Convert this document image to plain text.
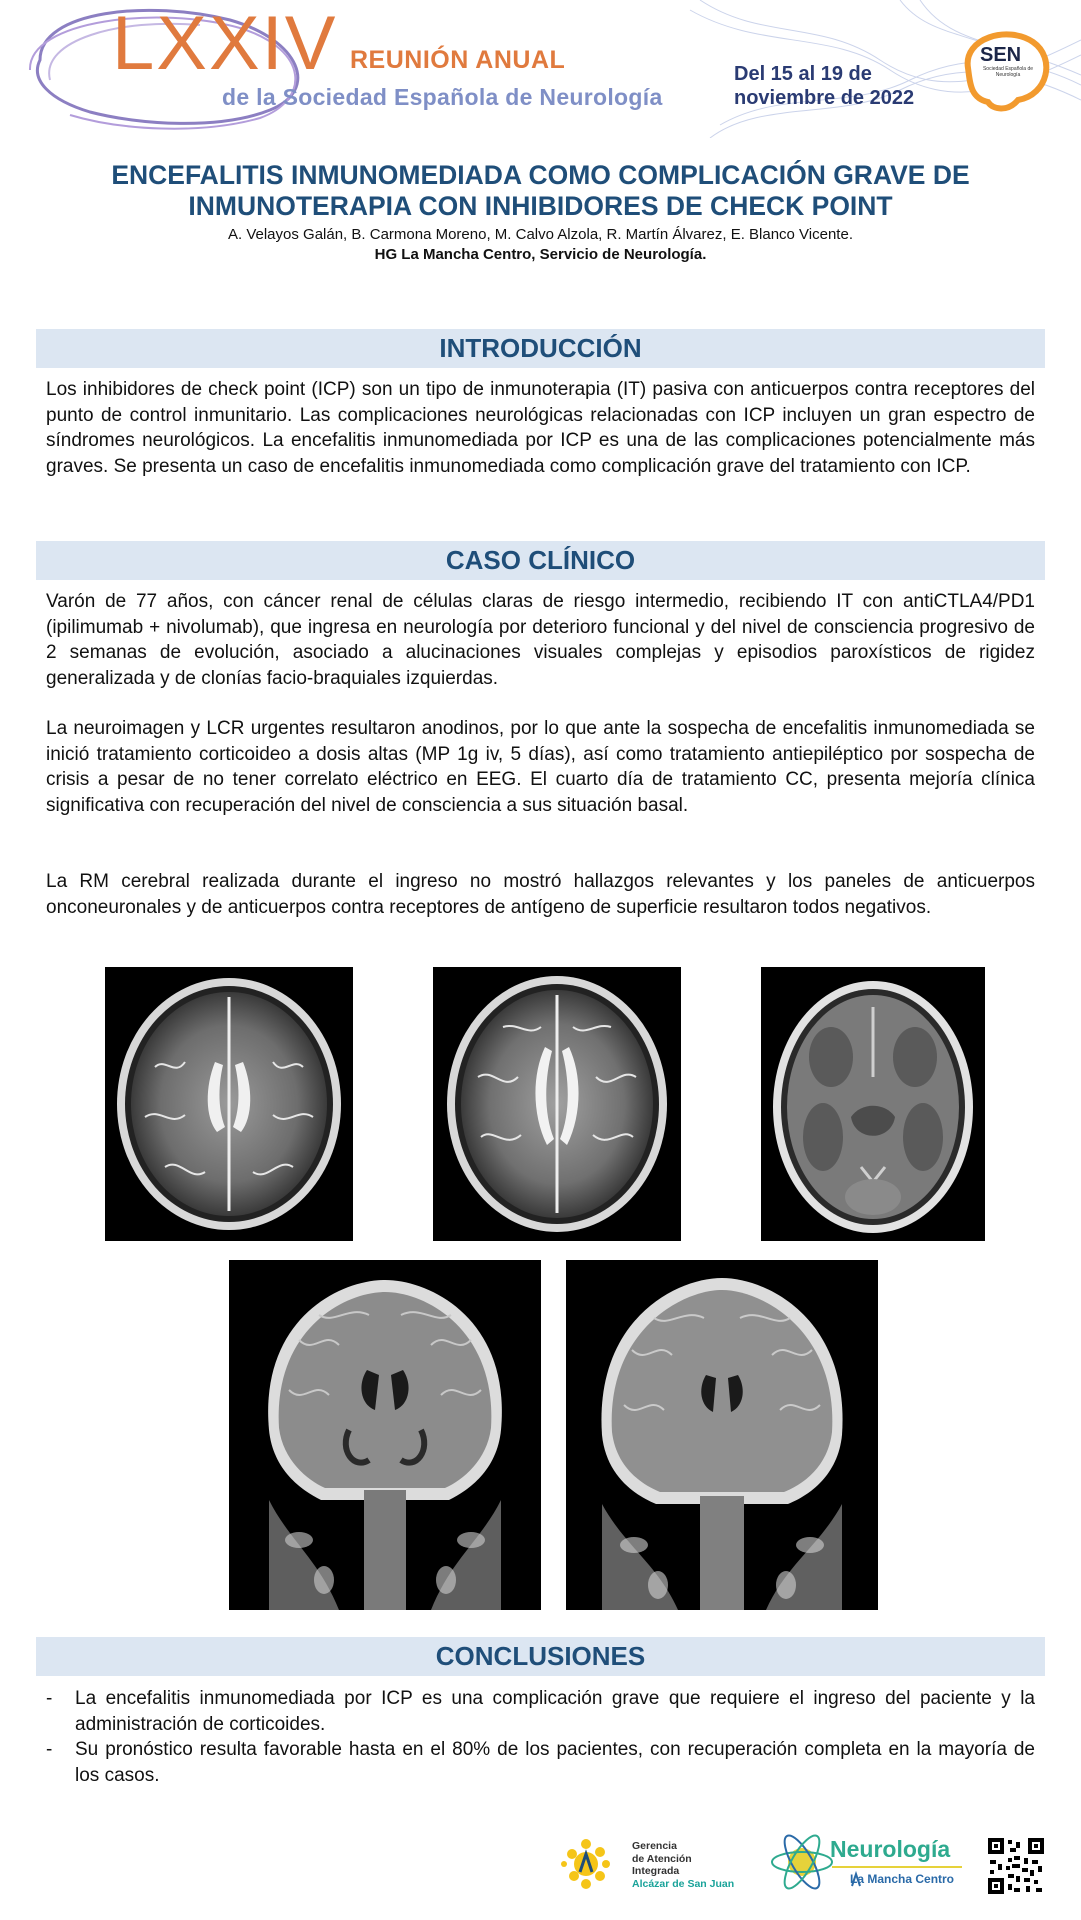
LXXIV REUNIÓN ANUAL
de la Sociedad Española de Neurología
Del 15 al 19 de noviembre de 2022
SEN
Sociedad Española de Neurología
ENCEFALITIS INMUNOMEDIADA COMO COMPLICACIÓN GRAVE DE INMUNOTERAPIA CON INHIBIDORES DE CHECK POINT
A. Velayos Galán, B. Carmona Moreno, M. Calvo Alzola, R. Martín Álvarez, E. Blanco Vicente.
HG La Mancha Centro, Servicio de Neurología.
INTRODUCCIÓN

Los inhibidores de check point (ICP) son un tipo de inmunoterapia (IT) pasiva con anticuerpos contra receptores del punto de control inmunitario. Las complicaciones neurológicas relacionadas con ICP incluyen un gran espectro de síndromes neurológicos. La encefalitis inmunomediada por ICP es una de las complicaciones potencialmente más graves. Se presenta un caso de encefalitis inmunomediada como complicación grave del tratamiento con ICP.

CASO CLÍNICO

Varón de 77 años, con cáncer renal de células claras de riesgo intermedio, recibiendo IT con antiCTLA4/PD1 (ipilimumab + nivolumab), que ingresa en neurología por deterioro funcional y del nivel de consciencia progresivo de 2 semanas de evolución, asociado a alucinaciones visuales complejas y episodios paroxísticos de rigidez generalizada y de clonías facio-braquiales izquierdas.

La neuroimagen y LCR urgentes resultaron anodinos, por lo que ante la sospecha de encefalitis inmunomediada se inició tratamiento corticoideo a dosis altas (MP 1g iv, 5 días), así como tratamiento antiepiléptico por sospecha de crisis a pesar de no tener correlato eléctrico en EEG. El cuarto día de tratamiento CC, presenta mejoría clínica significativa con recuperación del nivel de consciencia a sus situación basal.

La RM cerebral realizada durante el ingreso no mostró hallazgos relevantes y los paneles de anticuerpos onconeuronales y de anticuerpos contra receptores de antígeno de superficie resultaron todos negativos.

CONCLUSIONES
- La encefalitis inmunomediada por ICP es una complicación grave que requiere el ingreso del paciente y la administración de corticoides.
- Su pronóstico resulta favorable hasta en el 80% de los pacientes, con recuperación completa en la mayoría de los casos.
Gerencia
de Atención
Integrada
Alcázar de San Juan
Neurología
La Mancha Centro
